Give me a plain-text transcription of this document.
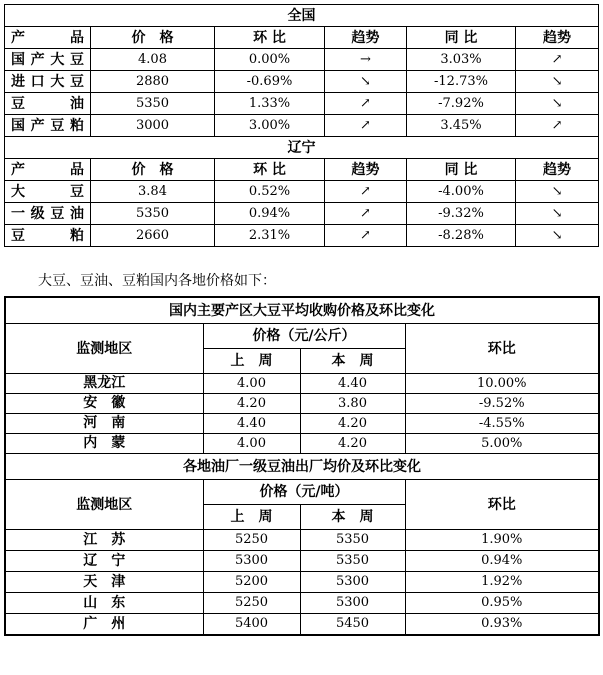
全国					
产　品	价　格	环 比	趋势	同 比	趋势
国产大豆	4.08	0.00%	→	3.03%	↗
进口大豆	2880	-0.69%	↘	-12.73%	↘
豆　　油	5350	1.33%	↗	-7.92%	↘
国产豆粕	3000	3.00%	↗	3.45%	↗
辽宁					
产　品	价　格	环 比	趋势	同 比	趋势
大　　豆	3.84	0.52%	↗	-4.00%	↘
一级豆油	5350	0.94%	↗	-9.32%	↘
豆　　粕	2660	2.31%	↗	-8.28%	↘
大豆、豆油、豆粕国内各地价格如下：
国内主要产区大豆平均收购价格及环比变化			
监测地区	价格（元/公斤）		环比
	上　周	本　周	
黑龙江	4.00	4.40	10.00%
安　徽	4.20	3.80	-9.52%
河　南	4.40	4.20	-4.55%
内　蒙	4.00	4.20	5.00%
各地油厂一级豆油出厂均价及环比变化			
监测地区	价格（元/吨）		环比
	上　周	本　周	
江　苏	5250	5350	1.90%
辽　宁	5300	5350	0.94%
天　津	5200	5300	1.92%
山　东	5250	5300	0.95%
广　州	5400	5450	0.93%
